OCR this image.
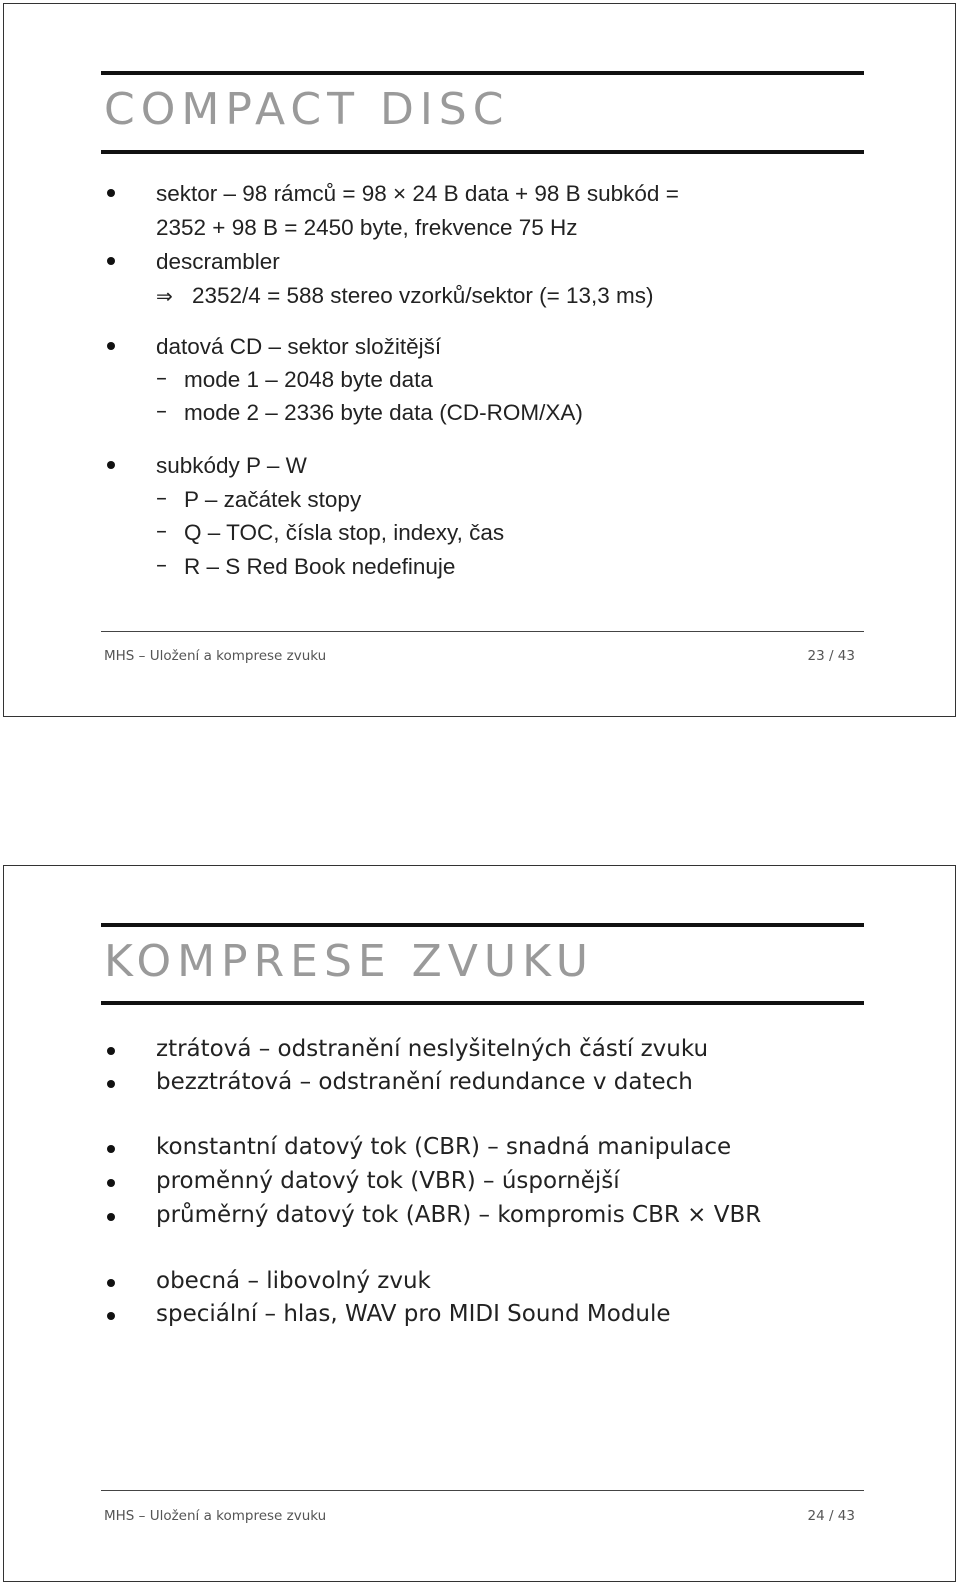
COMPACT DISC
sektor – 98 rámců = 98 × 24 B data + 98 B subkód =
2352 + 98 B = 2450 byte, frekvence 75 Hz
descrambler
⇒ 2352/4 = 588 stereo vzorků/sektor (= 13,3 ms)
datová CD – sektor složitější
– mode 1 – 2048 byte data
– mode 2 – 2336 byte data (CD-ROM/XA)
subkódy P – W
– P – začátek stopy
– Q – TOC, čísla stop, indexy, čas
– R – S Red Book nedefinuje
MHS – Uložení a komprese zvuku	23 / 43
KOMPRESE ZVUKU
ztrátová – odstranění neslyšitelných částí zvuku
bezztrátová – odstranění redundance v datech
konstantní datový tok (CBR) – snadná manipulace
proměnný datový tok (VBR) – úspornější
průměrný datový tok (ABR) – kompromis CBR × VBR
obecná – libovolný zvuk
speciální – hlas, WAV pro MIDI Sound Module
MHS – Uložení a komprese zvuku	24 / 43
